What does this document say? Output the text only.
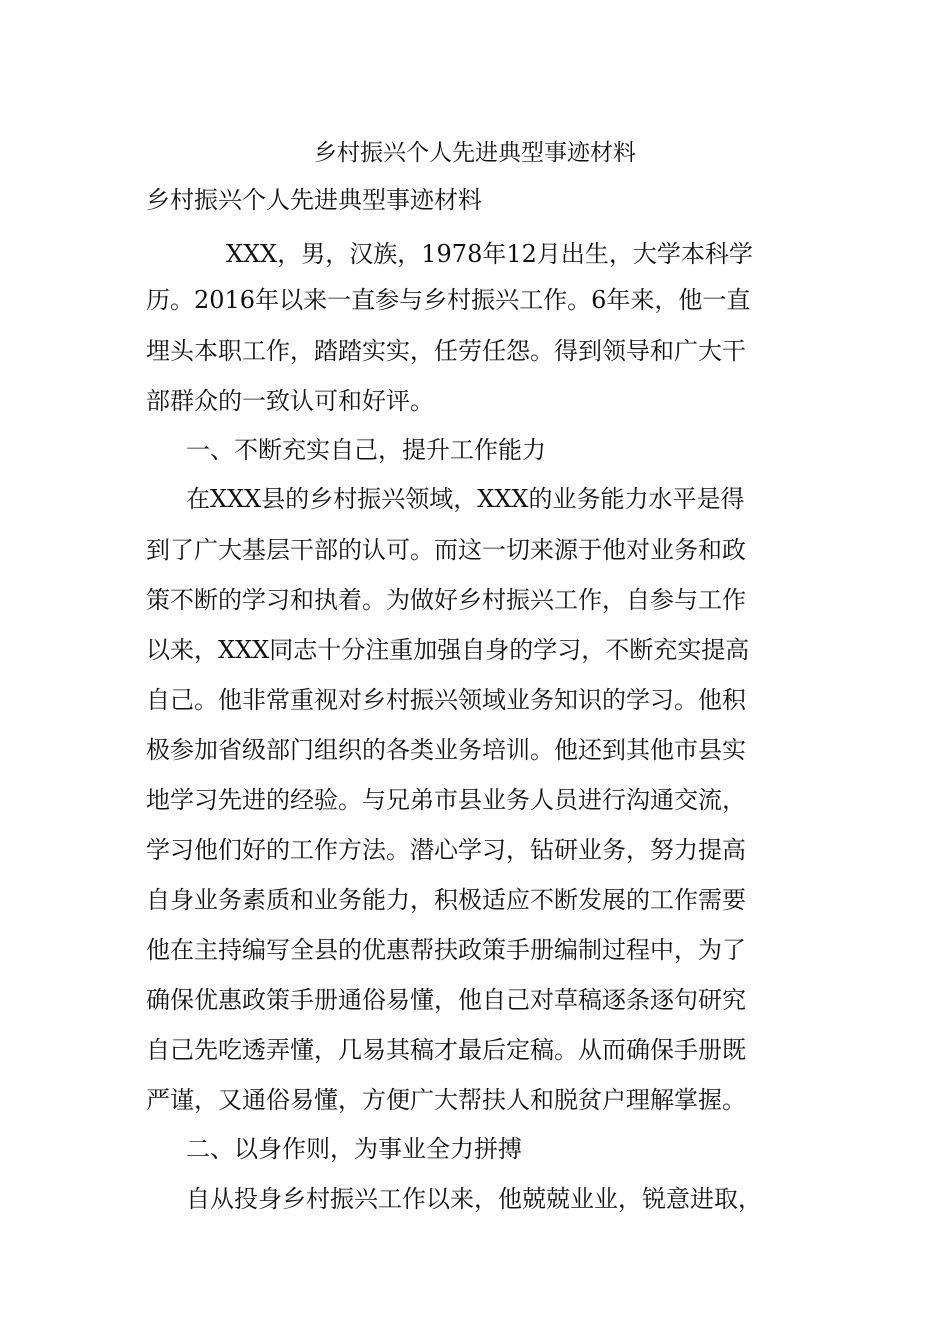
乡村振兴个人先进典型事迹材料
乡村振兴个人先进典型事迹材料
XXX，男，汉族，1978年12月出生，大学本科学
历。2016年以来一直参与乡村振兴工作。6年来，他一直
埋头本职工作，踏踏实实，任劳任怨。得到领导和广大干
部群众的一致认可和好评。
一、不断充实自己，提升工作能力
在XXX县的乡村振兴领域，XXX的业务能力水平是得
到了广大基层干部的认可。而这一切来源于他对业务和政
策不断的学习和执着。为做好乡村振兴工作，自参与工作
以来，XXX同志十分注重加强自身的学习，不断充实提高
自己。他非常重视对乡村振兴领域业务知识的学习。他积
极参加省级部门组织的各类业务培训。他还到其他市县实
地学习先进的经验。与兄弟市县业务人员进行沟通交流，
学习他们好的工作方法。潜心学习，钻研业务，努力提高
自身业务素质和业务能力，积极适应不断发展的工作需要
他在主持编写全县的优惠帮扶政策手册编制过程中，为了
确保优惠政策手册通俗易懂，他自己对草稿逐条逐句研究
自己先吃透弄懂，几易其稿才最后定稿。从而确保手册既
严谨，又通俗易懂，方便广大帮扶人和脱贫户理解掌握。
二、以身作则，为事业全力拼搏
自从投身乡村振兴工作以来，他兢兢业业，锐意进取，
